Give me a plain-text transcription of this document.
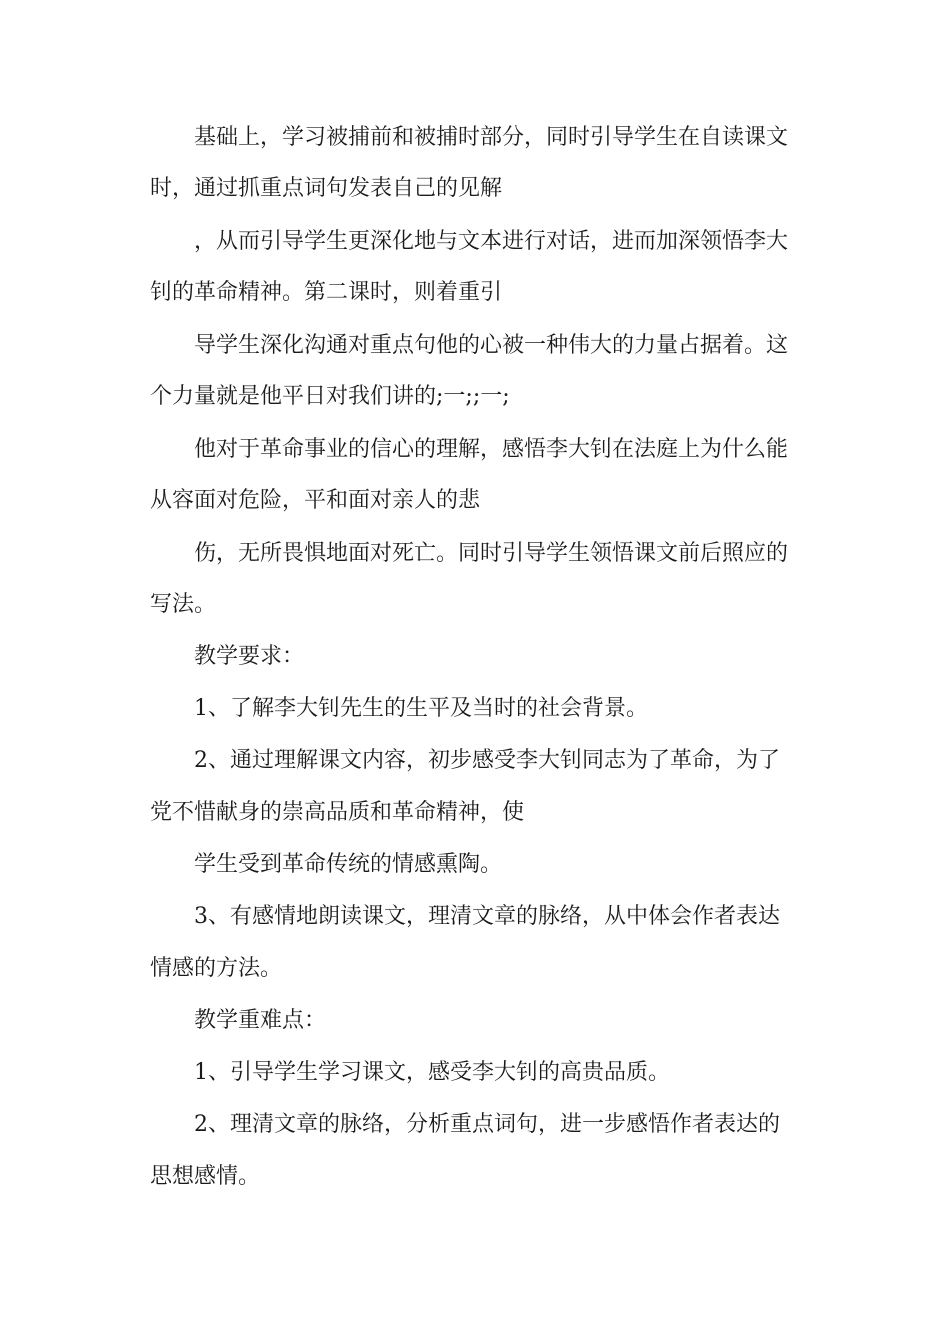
基础上，学习被捕前和被捕时部分，同时引导学生在自读课文
时，通过抓重点词句发表自己的见解
，从而引导学生更深化地与文本进行对话，进而加深领悟李大
钊的革命精神。第二课时，则着重引
导学生深化沟通对重点句他的心被一种伟大的力量占据着。这
个力量就是他平日对我们讲的;一;;一;
他对于革命事业的信心的理解，感悟李大钊在法庭上为什么能
从容面对危险，平和面对亲人的悲
伤，无所畏惧地面对死亡。同时引导学生领悟课文前后照应的
写法。
教学要求：
1、了解李大钊先生的生平及当时的社会背景。
2、通过理解课文内容，初步感受李大钊同志为了革命，为了
党不惜献身的崇高品质和革命精神，使
学生受到革命传统的情感熏陶。
3、有感情地朗读课文，理清文章的脉络，从中体会作者表达
情感的方法。
教学重难点：
1、引导学生学习课文，感受李大钊的高贵品质。
2、理清文章的脉络，分析重点词句，进一步感悟作者表达的
思想感情。
